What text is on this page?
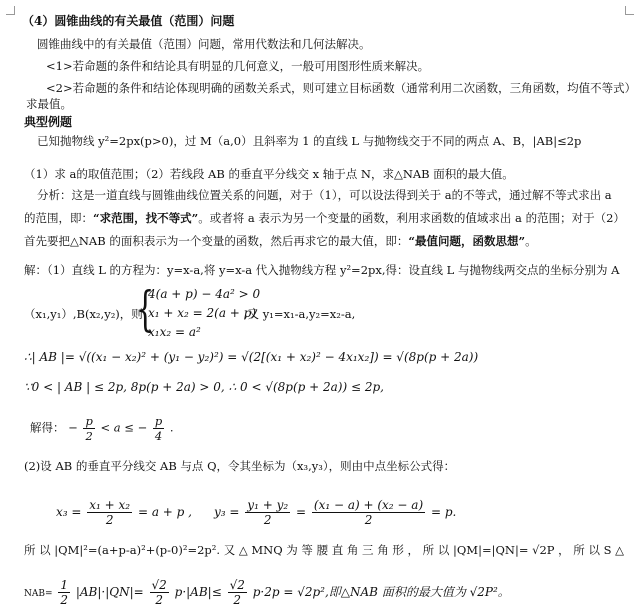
（4）圆锥曲线的有关最值（范围）问题
圆锥曲线中的有关最值（范围）问题，常用代数法和几何法解决。
<1>若命题的条件和结论具有明显的几何意义，一般可用图形性质来解决。
<2>若命题的条件和结论体现明确的函数关系式，则可建立目标函数（通常利用二次函数，三角函数，均值不等式）
求最值。
典型例题
已知抛物线 y²=2px(p>0)，过 M（a,0）且斜率为 1 的直线 L 与抛物线交于不同的两点 A、B，|AB|≤2p
（1）求 a的取值范围；（2）若线段 AB 的垂直平分线交 x 轴于点 N，求△NAB 面积的最大值。
分析：这是一道直线与圆锥曲线位置关系的问题，对于（1），可以设法得到关于 a的不等式，通过解不等式求出 a
的范围，即：“求范围，找不等式”。或者将 a 表示为另一个变量的函数，利用求函数的值域求出 a 的范围；对于（2）
首先要把△NAB 的面积表示为一个变量的函数，然后再求它的最大值，即：“最值问题，函数思想”。
解：（1）直线 L 的方程为：y=x-a,将 y=x-a 代入抛物线方程 y²=2px,得：设直线 L 与抛物线两交点的坐标分别为 A
（x₁,y₁）,B(x₂,y₂)，则
{
4(a + p) − 4a² > 0
x₁ + x₂ = 2(a + p)
x₁x₂ = a²
,又 y₁=x₁-a,y₂=x₂-a,
∴| AB |= √((x₁ − x₂)² + (y₁ − y₂)²) = √(2[(x₁ + x₂)² − 4x₁x₂]) = √(8p(p + 2a))
∵0 < | AB | ≤ 2p, 8p(p + 2a) > 0, ∴ 0 < √(8p(p + 2a)) ≤ 2p,
解得： − $\frac{p}{2} < a$ ≤ − $\frac{p}{4}$ .
(2)设 AB 的垂直平分线交 AB 与点 Q，令其坐标为（x₃,y₃），则由中点坐标公式得：
$x_3 = \frac{\text{x₁ + x₂}}{2} = a + p$ , $y_3 = \frac{\text{y₁ + y₂}}{2} = \frac{\text{(x₁ − a) + (x₂ − a)}}{2} = p$.
所 以 |QM|²=(a+p-a)²+(p-0)²=2p². 又 △ MNQ 为 等 腰 直 角 三 角 形 ， 所 以 |QM|=|QN|= √2P ， 所 以 S △
$NAB= \frac{1}{2} |AB|\cdot|QN|= \frac{√2}{2} p\cdot|AB|\le \frac{√2}{2} p\cdot 2p = √2p^2$,即△NAB 面积的最大值为 √2P²。
